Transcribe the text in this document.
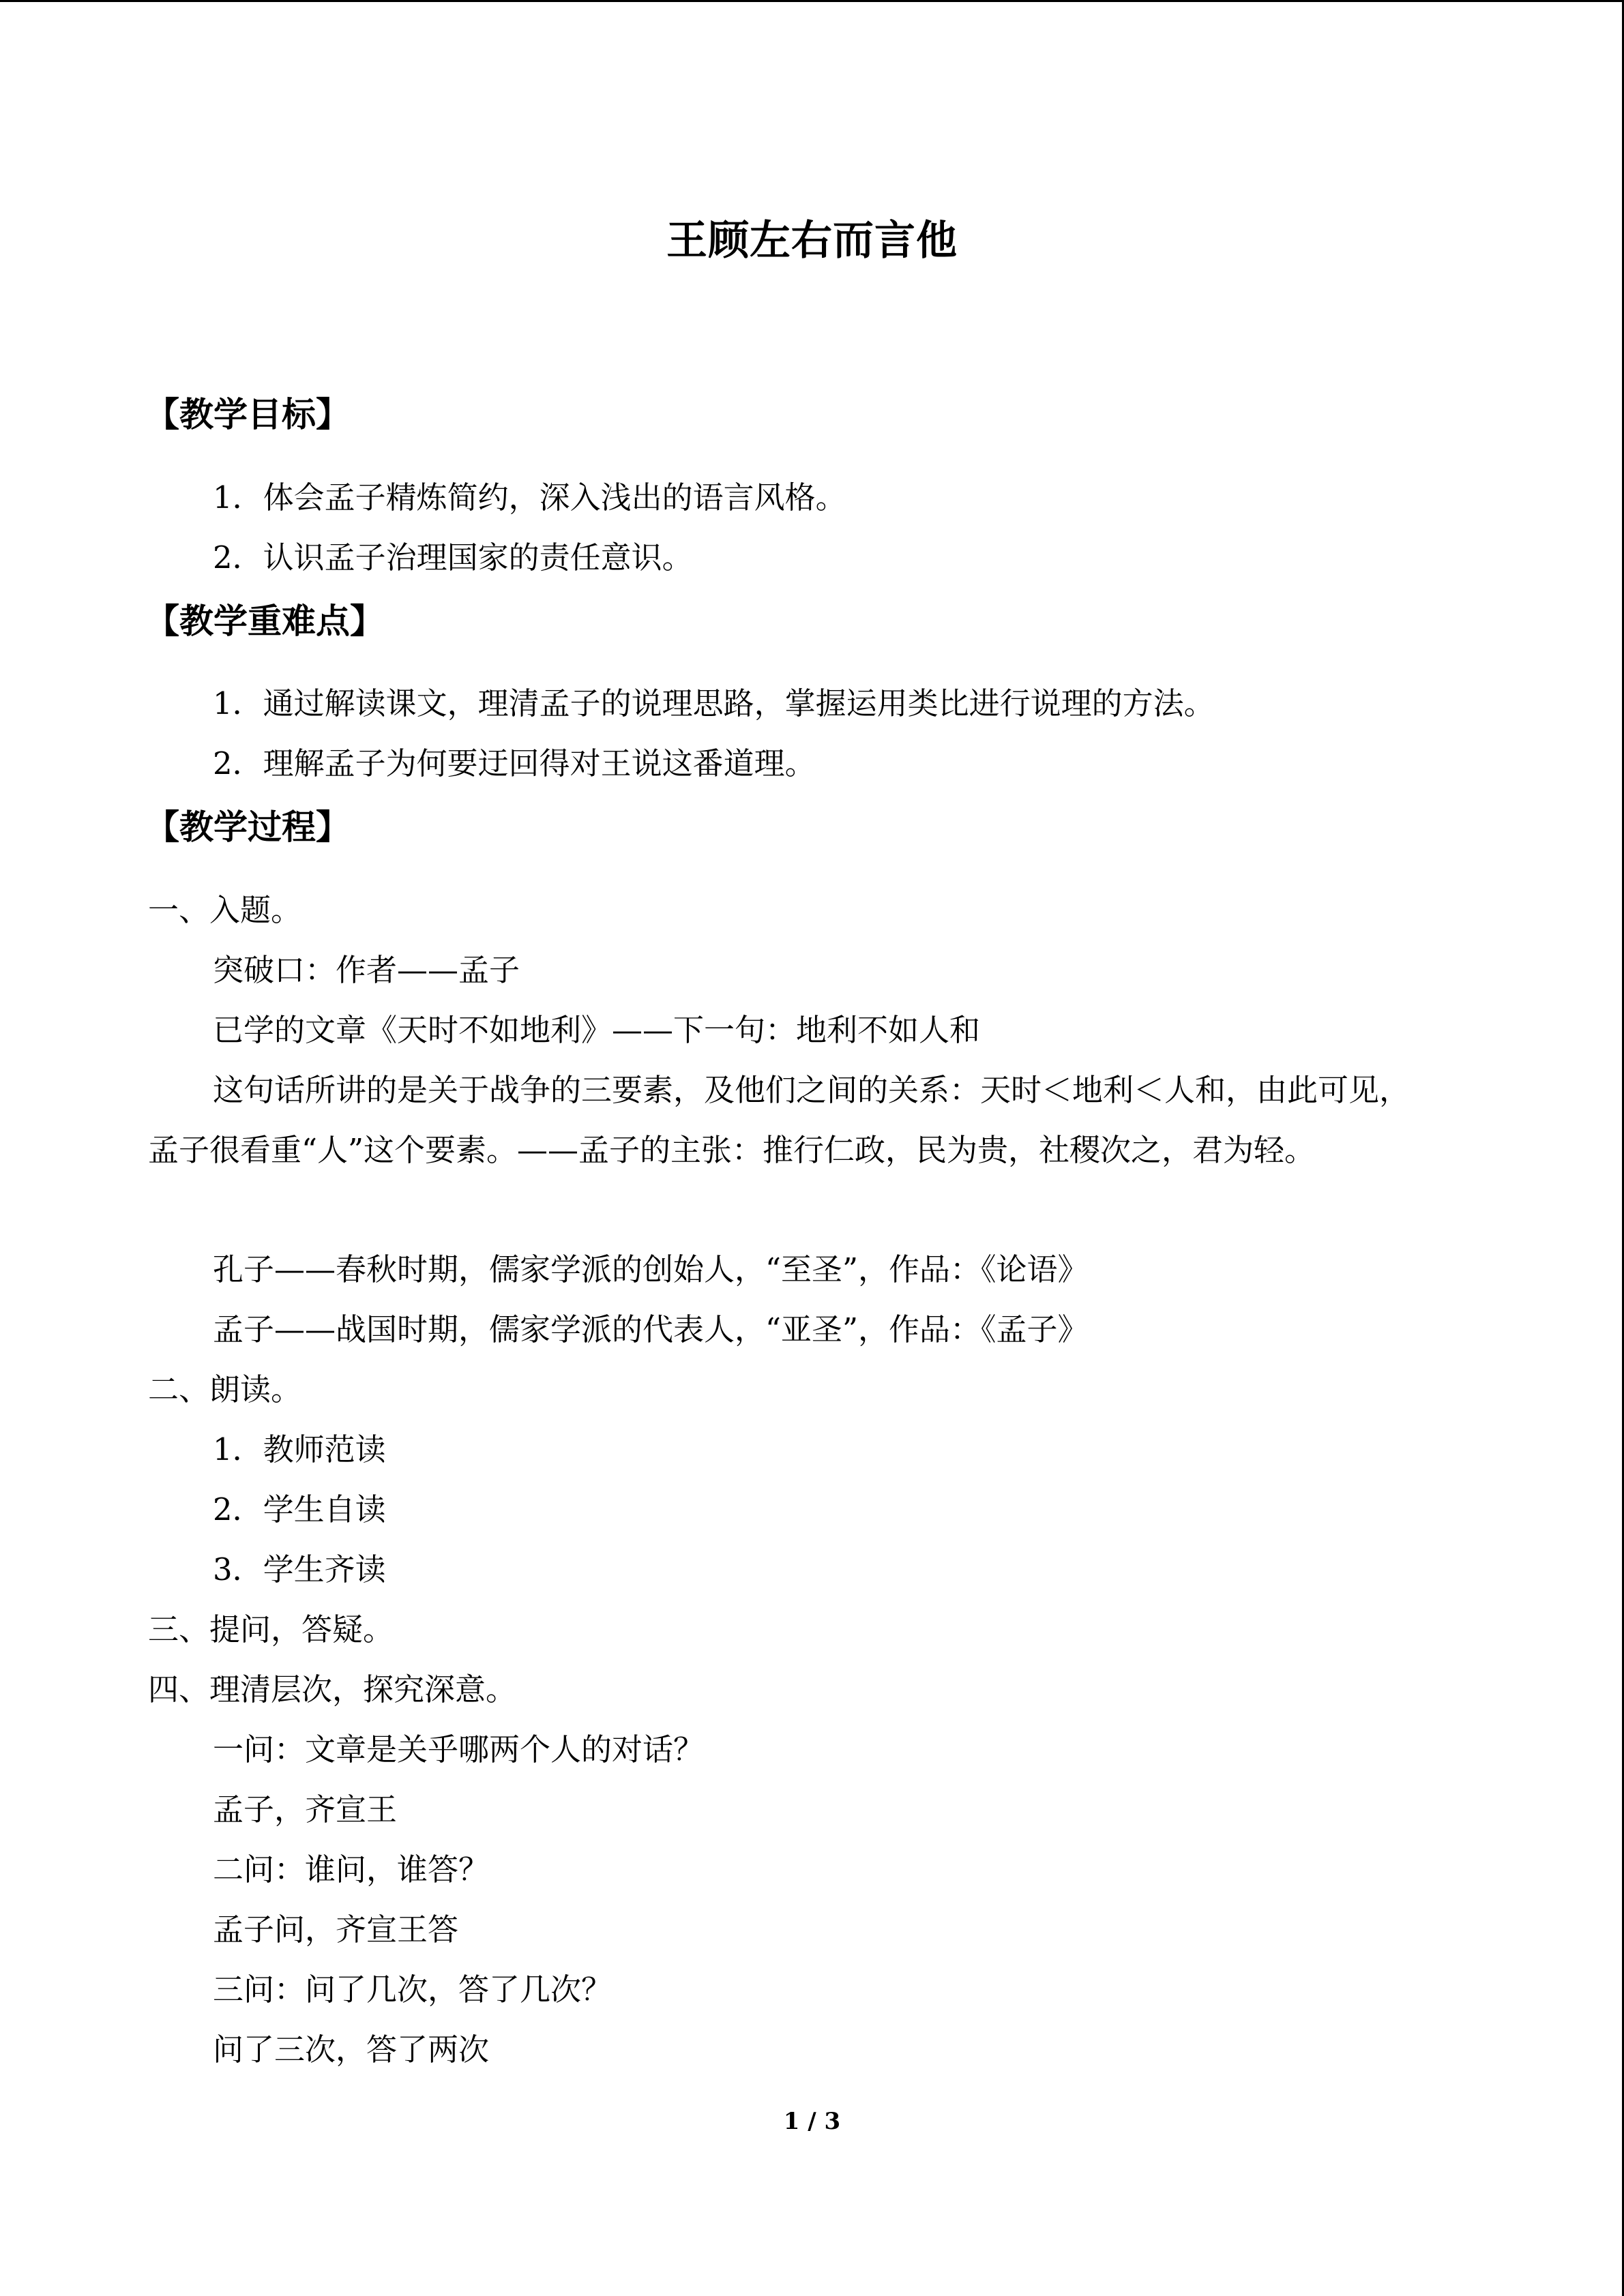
王顾左右而言他
【教学目标】
1．体会孟子精炼简约，深入浅出的语言风格。
2．认识孟子治理国家的责任意识。
【教学重难点】
1．通过解读课文，理清孟子的说理思路，掌握运用类比进行说理的方法。
2．理解孟子为何要迂回得对王说这番道理。
【教学过程】
一、入题。
突破口：作者——孟子
已学的文章《天时不如地利》——下一句：地利不如人和
这句话所讲的是关于战争的三要素，及他们之间的关系：天时＜地利＜人和，由此可见，孟子很看重“人”这个要素。——孟子的主张：推行仁政，民为贵，社稷次之，君为轻。
孔子——春秋时期，儒家学派的创始人，“至圣”，作品：《论语》
孟子——战国时期，儒家学派的代表人，“亚圣”，作品：《孟子》
二、朗读。
1．教师范读
2．学生自读
3．学生齐读
三、提问，答疑。
四、理清层次，探究深意。
一问：文章是关乎哪两个人的对话？
孟子，齐宣王
二问：谁问，谁答？
孟子问，齐宣王答
三问：问了几次，答了几次？
问了三次，答了两次
1 / 3
